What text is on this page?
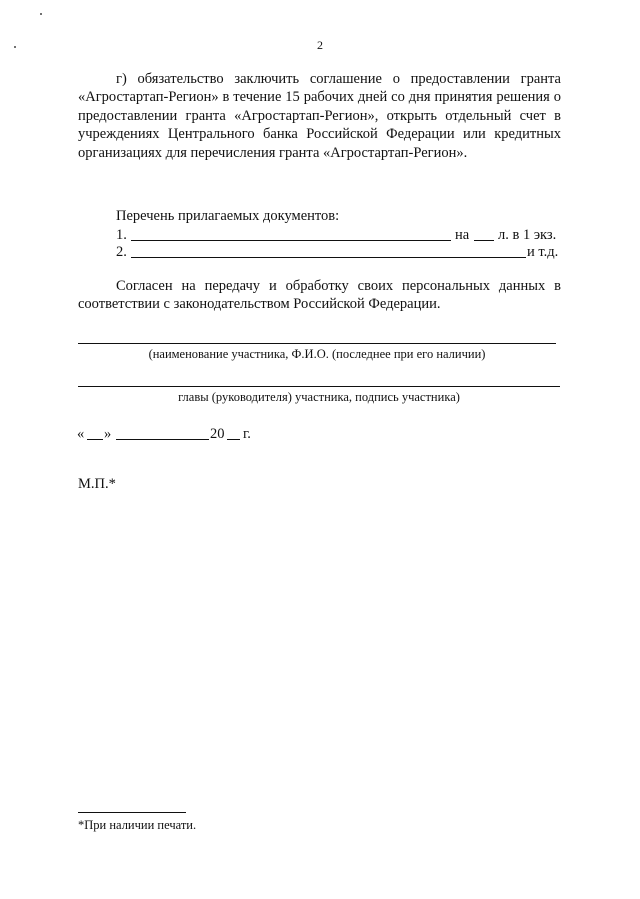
2
г) обязательство заключить соглашение о предоставлении гранта «Агростартап-Регион» в течение 15 рабочих дней со дня принятия решения о предоставлении гранта «Агростартап-Регион», открыть отдельный счет в учреждениях Центрального банка Российской Федерации или кредитных организациях для перечисления гранта «Агростартап-Регион».
Перечень прилагаемых документов:
1.	на л. в 1 экз.
2.	и т.д.
Согласен на передачу и обработку своих персональных данных в соответствии с законодательством Российской Федерации.
(наименование участника, Ф.И.О. (последнее при его наличии)
главы (руководителя) участника, подпись участника)
« »	20 г.
М.П.*
*При наличии печати.
